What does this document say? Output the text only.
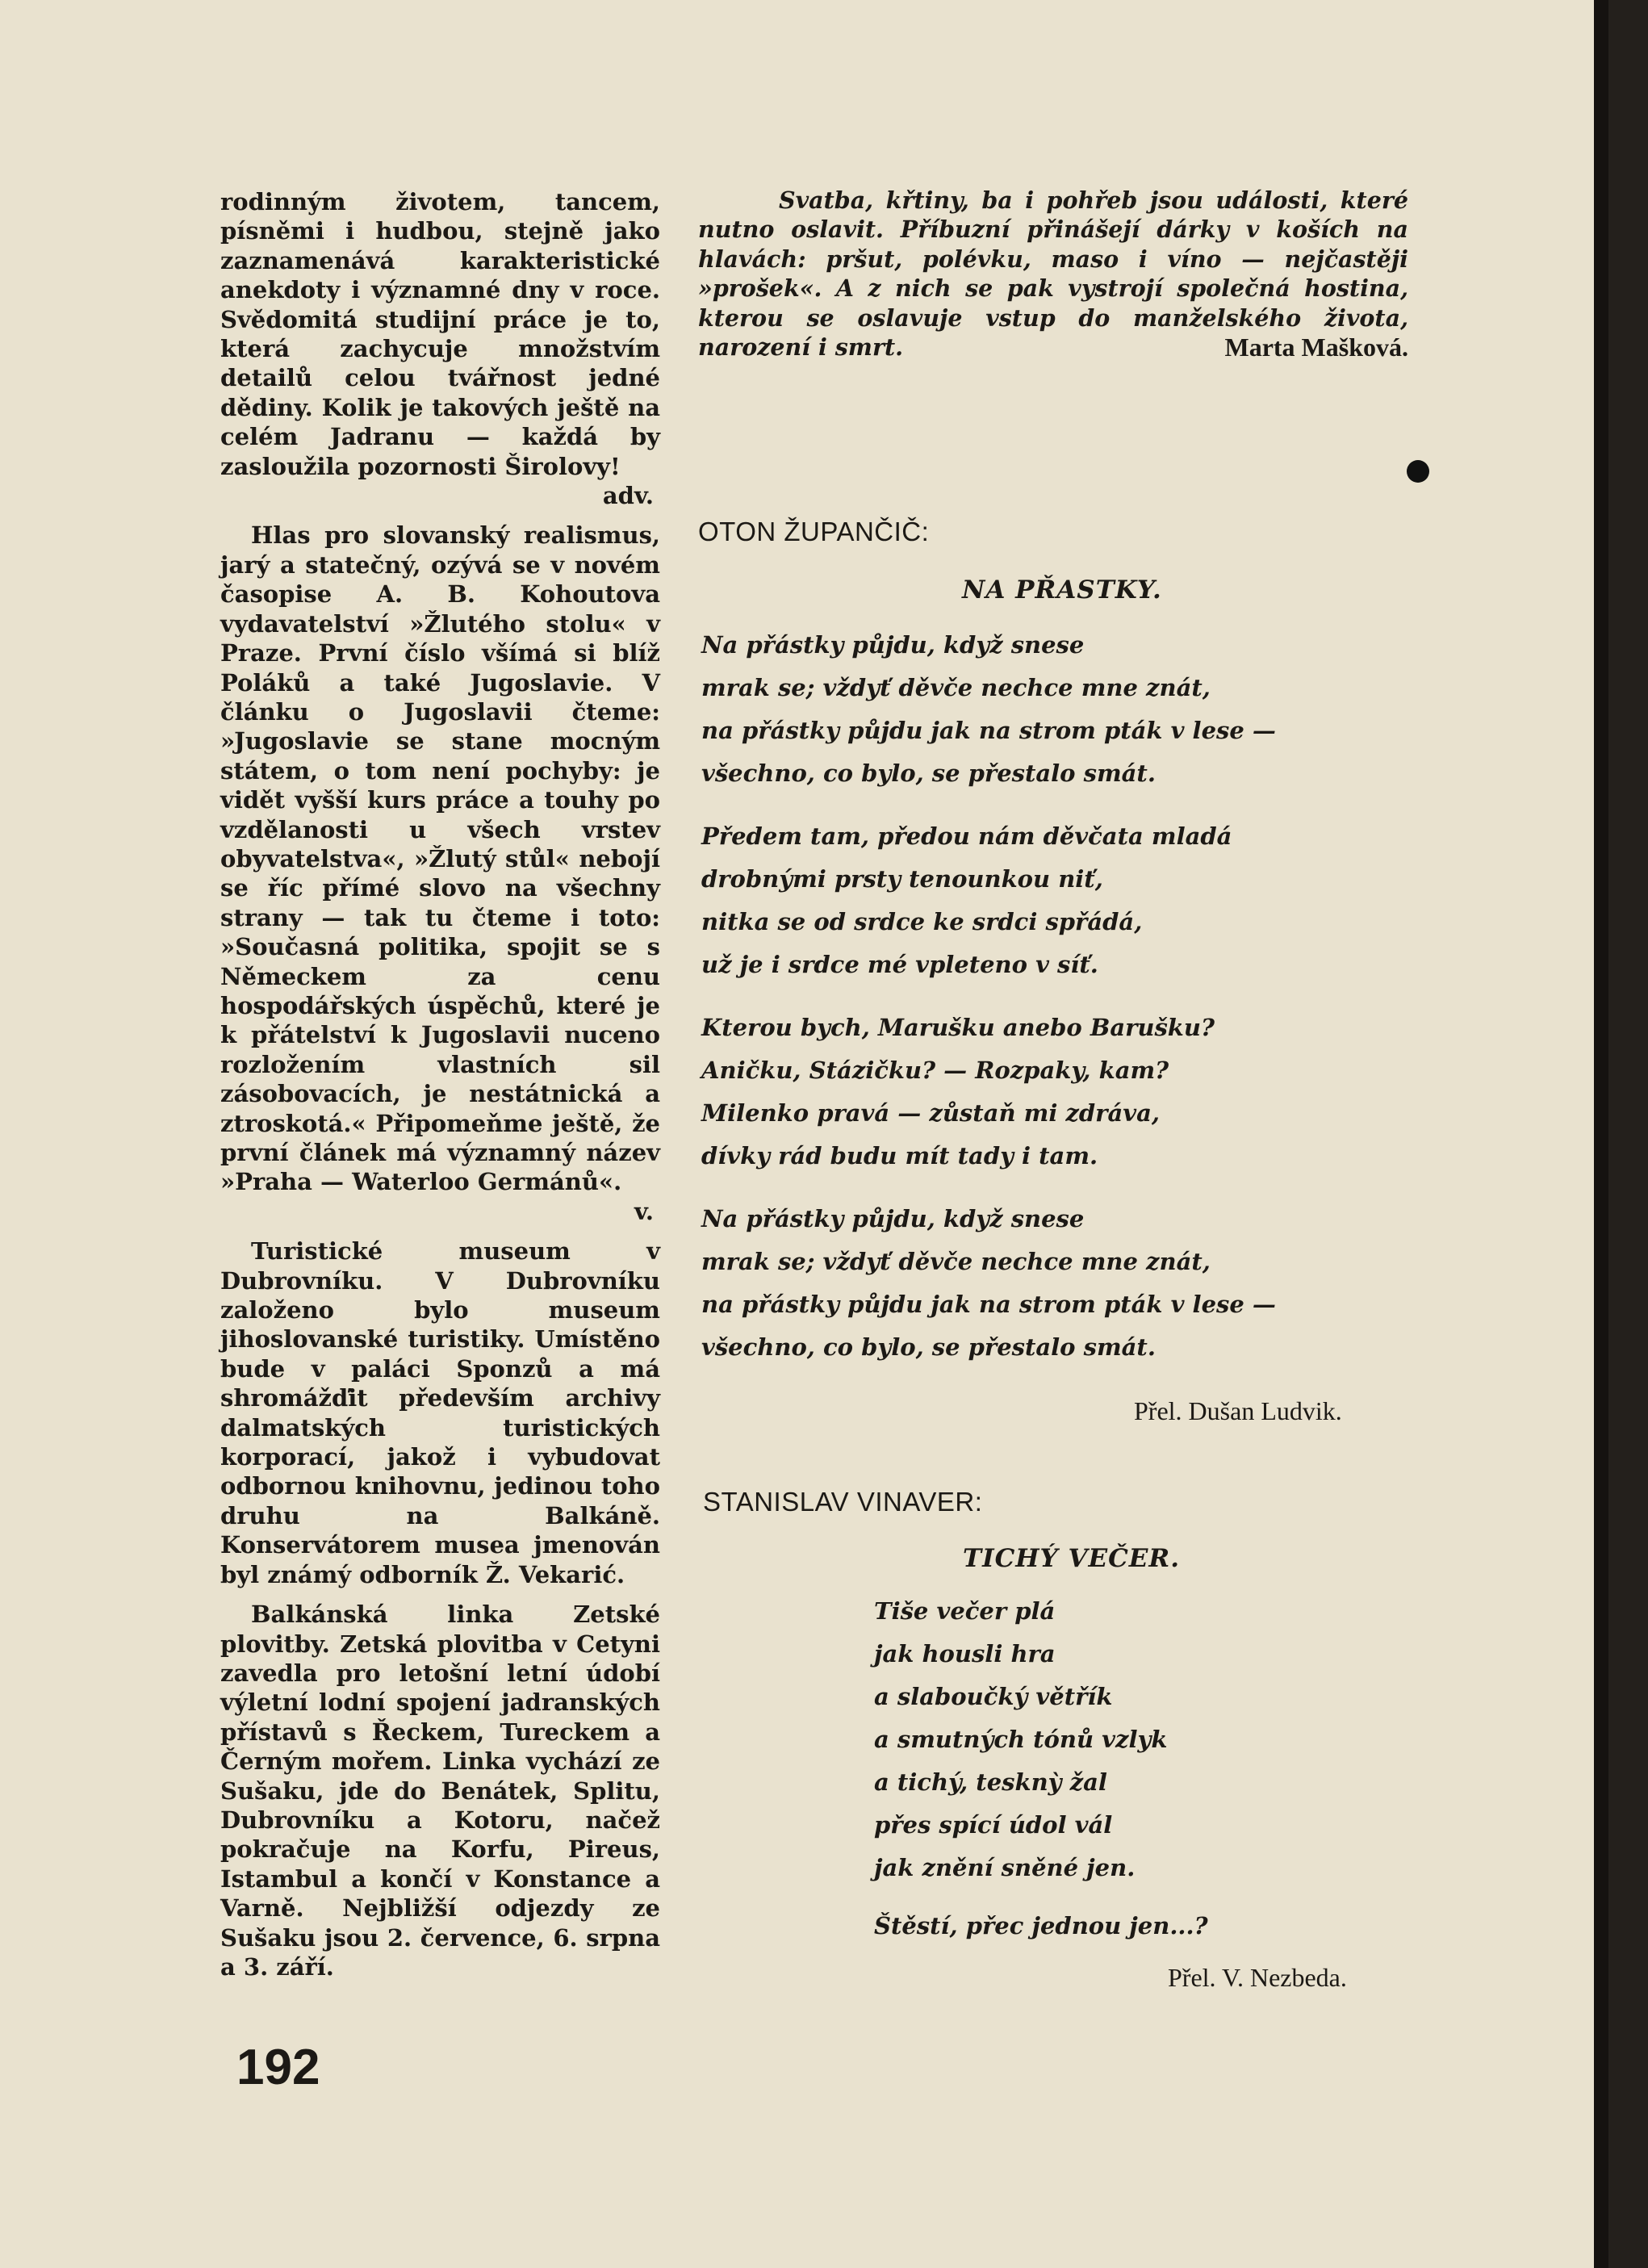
rodinným životem, tancem, písněmi i hudbou, stejně jako zaznamenává karakteristické anekdoty i významné dny v roce. Svědomitá studijní práce je to, která zachycuje množstvím detailů celou tvářnost jedné dědiny. Kolik je takových ještě na celém Jadranu — každá by zasloužila pozornosti Širolovy!

adv.

Hlas pro slovanský realismus, jarý a statečný, ozývá se v novém časopise A. B. Kohoutova vydavatelství »Žlutého stolu« v Praze. První číslo všímá si blíž Poláků a také Jugoslavie. V článku o Jugoslavii čteme: »Jugoslavie se stane mocným státem, o tom není pochyby: je vidět vyšší kurs práce a touhy po vzdělanosti u všech vrstev obyvatelstva«, »Žlutý stůl« nebojí se říc přímé slovo na všechny strany — tak tu čteme i toto: »Současná politika, spojit se s Německem za cenu hospodářských úspěchů, které je k přátelství k Jugoslavii nuceno rozložením vlastních sil zásobovacích, je nestátnická a ztroskotá.« Připomeňme ještě, že první článek má významný název »Praha — Waterloo Germánů«.

v.

Turistické museum v Dubrovníku. V Dubrovníku založeno bylo museum jihoslovanské turistiky. Umístěno bude v paláci Sponzů a má shromážďit především archivy dalmatských turistických korporací, jakož i vybudovat odbornou knihovnu, jedinou toho druhu na Balkáně. Konservátorem musea jmenován byl známý odborník Ž. Vekarić.

Balkánská linka Zetské plovitby. Zetská plovitba v Cetyni zavedla pro letošní letní údobí výletní lodní spojení jadranských přístavů s Řeckem, Tureckem a Černým mořem. Linka vychází ze Sušaku, jde do Benátek, Splitu, Dubrovníku a Kotoru, načež pokračuje na Korfu, Pireus, Istambul a končí v Konstance a Varně. Nejbližší odjezdy ze Sušaku jsou 2. července, 6. srpna a 3. září.

192

Svatba, křtiny, ba i pohřeb jsou události, které nutno oslavit. Příbuzní přinášejí dárky v koších na hlavách: pršut, polévku, maso i víno — nejčastěji »prošek«. A z nich se pak vystrojí společná hostina, kterou se oslavuje vstup do manželského života, narození i smrt.	Marta Mašková.

OTON ŽUPANČIČ:
NA PŘASTKY.
Na přástky půjdu, když snese
mrak se; vždyť děvče nechce mne znát,
na přástky půjdu jak na strom pták v lese —
všechno, co bylo, se přestalo smát.
Předem tam, předou nám děvčata mladá
drobnými prsty tenounkou niť,
nitka se od srdce ke srdci spřádá,
už je i srdce mé vpleteno v síť.
Kterou bych, Marušku anebo Barušku?
Aničku, Stázičku? — Rozpaky, kam?
Milenko pravá — zůstaň mi zdráva,
dívky rád budu mít tady i tam.
Na přástky půjdu, když snese
mrak se; vždyť děvče nechce mne znát,
na přástky půjdu jak na strom pták v lese —
všechno, co bylo, se přestalo smát.
Přel. Dušan Ludvik.
STANISLAV VINAVER:
TICHÝ VEČER.
Tiše večer plá
jak housli hra
a slaboučký větřík
a smutných tónů vzlyk
a tichý, tesknỳ žal
přes spící údol vál
jak znění sněné jen.
Štěstí, přec jednou jen...?
Přel. V. Nezbeda.
